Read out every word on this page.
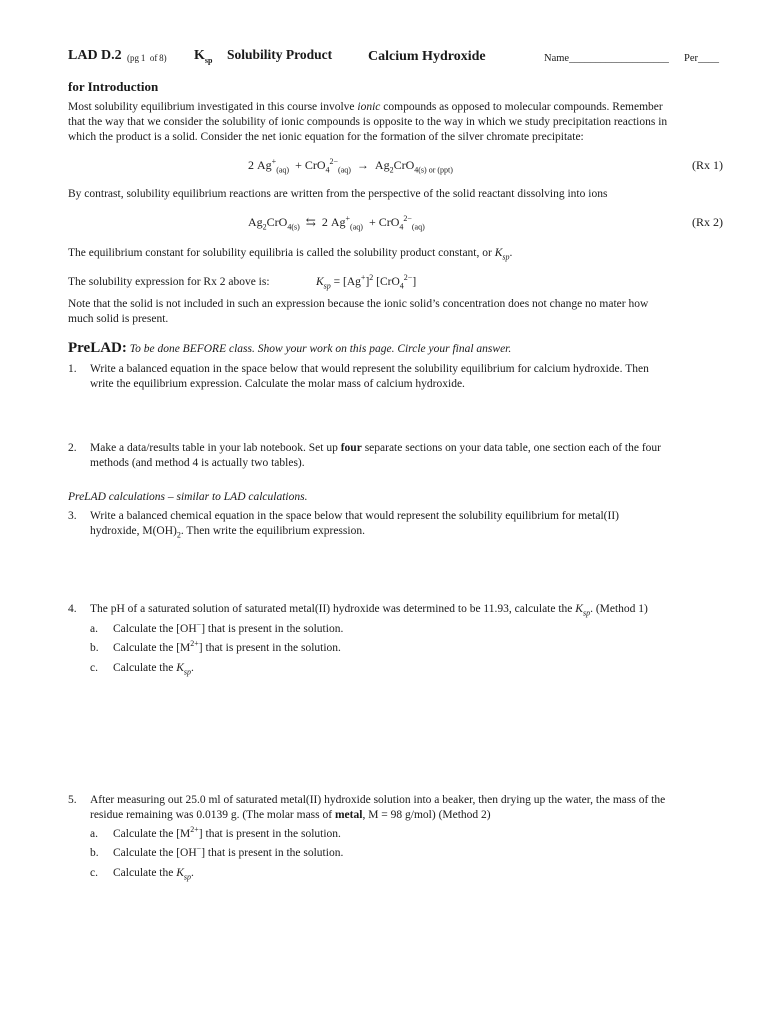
LAD D.2 (pg  1 of  8) $K_{sp}$ Solubility Product	Calcium Hydroxide	Name___________________ Per____
for Introduction
Most solubility equilibrium investigated in this course involve ionic compounds as opposed to molecular compounds. Remember
that the way that we consider the solubility of ionic compounds is opposite to the way in which we study precipitation reactions in
which the product is a solid. Consider the net ionic equation for the formation of the silver chromate precipitate:
2 $Ag^+_{(aq)} + CrO_4^{2-}_{(aq)} \to Ag_2CrO_{4(s) or (ppt)}$	(Rx 1)
By contrast, solubility equilibrium reactions are written from the perspective of the solid reactant dissolving into ions
$Ag_2CrO_{4(s)}$  ⇆  2 $Ag^+_{(aq)} + CrO_4^{2-}_{(aq)}$	(Rx 2)
The equilibrium constant for solubility equilibria is called the solubility product constant, or $K_{sp}$.
The solubility expression for Rx 2 above is:	$K_{sp} = [Ag^+]^2$ [CrO$_4^{2-}$]
Note that the solid is not included in such an expression because the ionic solid’s concentration does not change no mater how
much solid is present.
PreLAD: To be done BEFORE class. Show your work on this page. Circle your final answer.
1. Write a balanced equation in the space below that would represent the solubility equilibrium for calcium hydroxide. Then
write the equilibrium expression. Calculate the molar mass of calcium hydroxide.
2. Make a data/results table in your lab notebook. Set up four separate sections on your data table, one section each of the four
methods (and method 4 is actually two tables).
PreLAD calculations – similar to LAD calculations.
3. Write a balanced chemical equation in the space below that would represent the solubility equilibrium for metal(II)
hydroxide, $M(OH)_2$. Then write the equilibrium expression.
4. The pH of a saturated solution of saturated metal(II) hydroxide was determined to be 11.93, calculate the $K_{sp}$. (Method 1)
a. Calculate the [OH−] that is present in the solution.
b. Calculate the $[M^{2+}]$ that is present in the solution.
c. Calculate the $K_{sp}$.
5. After measuring out 25.0 ml of saturated metal(II) hydroxide solution into a beaker, then drying up the water, the mass of the
residue remaining was 0.0139 g. (The molar mass of metal, M = 98 g/mol) (Method 2)
a. Calculate the $[M^{2+}]$ that is present in the solution.
b. Calculate the [OH−] that is present in the solution.
c. Calculate the $K_{sp}$.
